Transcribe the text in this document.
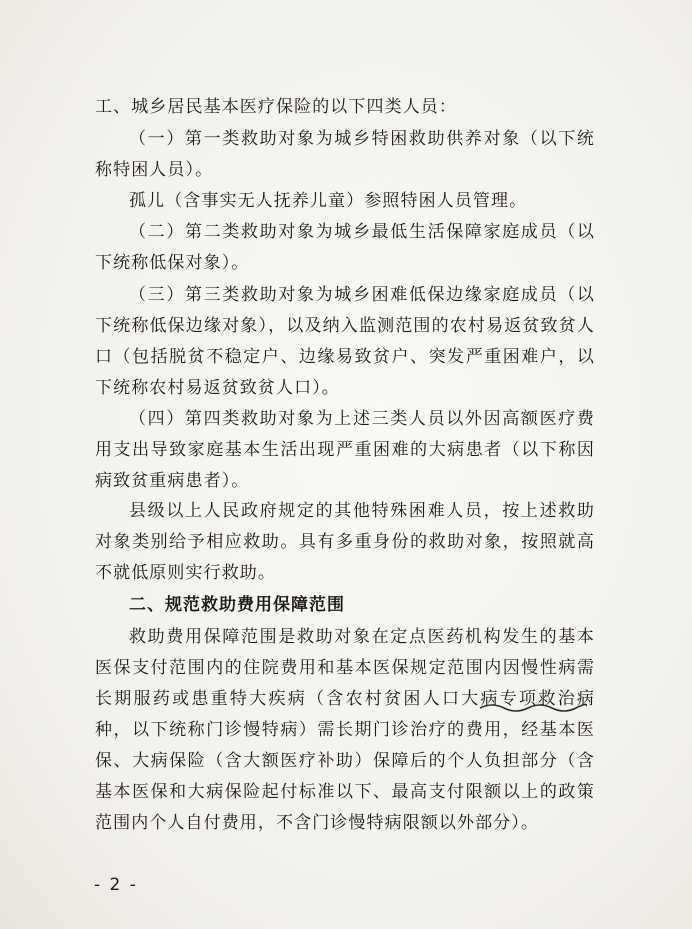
工、城乡居民基本医疗保险的以下四类人员：

（一）第一类救助对象为城乡特困救助供养对象（以下统称特困人员）。

孤儿（含事实无人抚养儿童）参照特困人员管理。

（二）第二类救助对象为城乡最低生活保障家庭成员（以下统称低保对象）。

（三）第三类救助对象为城乡困难低保边缘家庭成员（以下统称低保边缘对象），以及纳入监测范围的农村易返贫致贫人口（包括脱贫不稳定户、边缘易致贫户、突发严重困难户，以下统称农村易返贫致贫人口）。

（四）第四类救助对象为上述三类人员以外因高额医疗费用支出导致家庭基本生活出现严重困难的大病患者（以下称因病致贫重病患者）。

县级以上人民政府规定的其他特殊困难人员，按上述救助对象类别给予相应救助。具有多重身份的救助对象，按照就高不就低原则实行救助。

二、规范救助费用保障范围

救助费用保障范围是救助对象在定点医药机构发生的基本医保支付范围内的住院费用和基本医保规定范围内因慢性病需长期服药或患重特大疾病（含农村贫困人口大病专项救治病种，以下统称门诊慢特病）需长期门诊治疗的费用，经基本医保、大病保险（含大额医疗补助）保障后的个人负担部分（含基本医保和大病保险起付标准以下、最高支付限额以上的政策范围内个人自付费用，不含门诊慢特病限额以外部分）。

- 2 -
